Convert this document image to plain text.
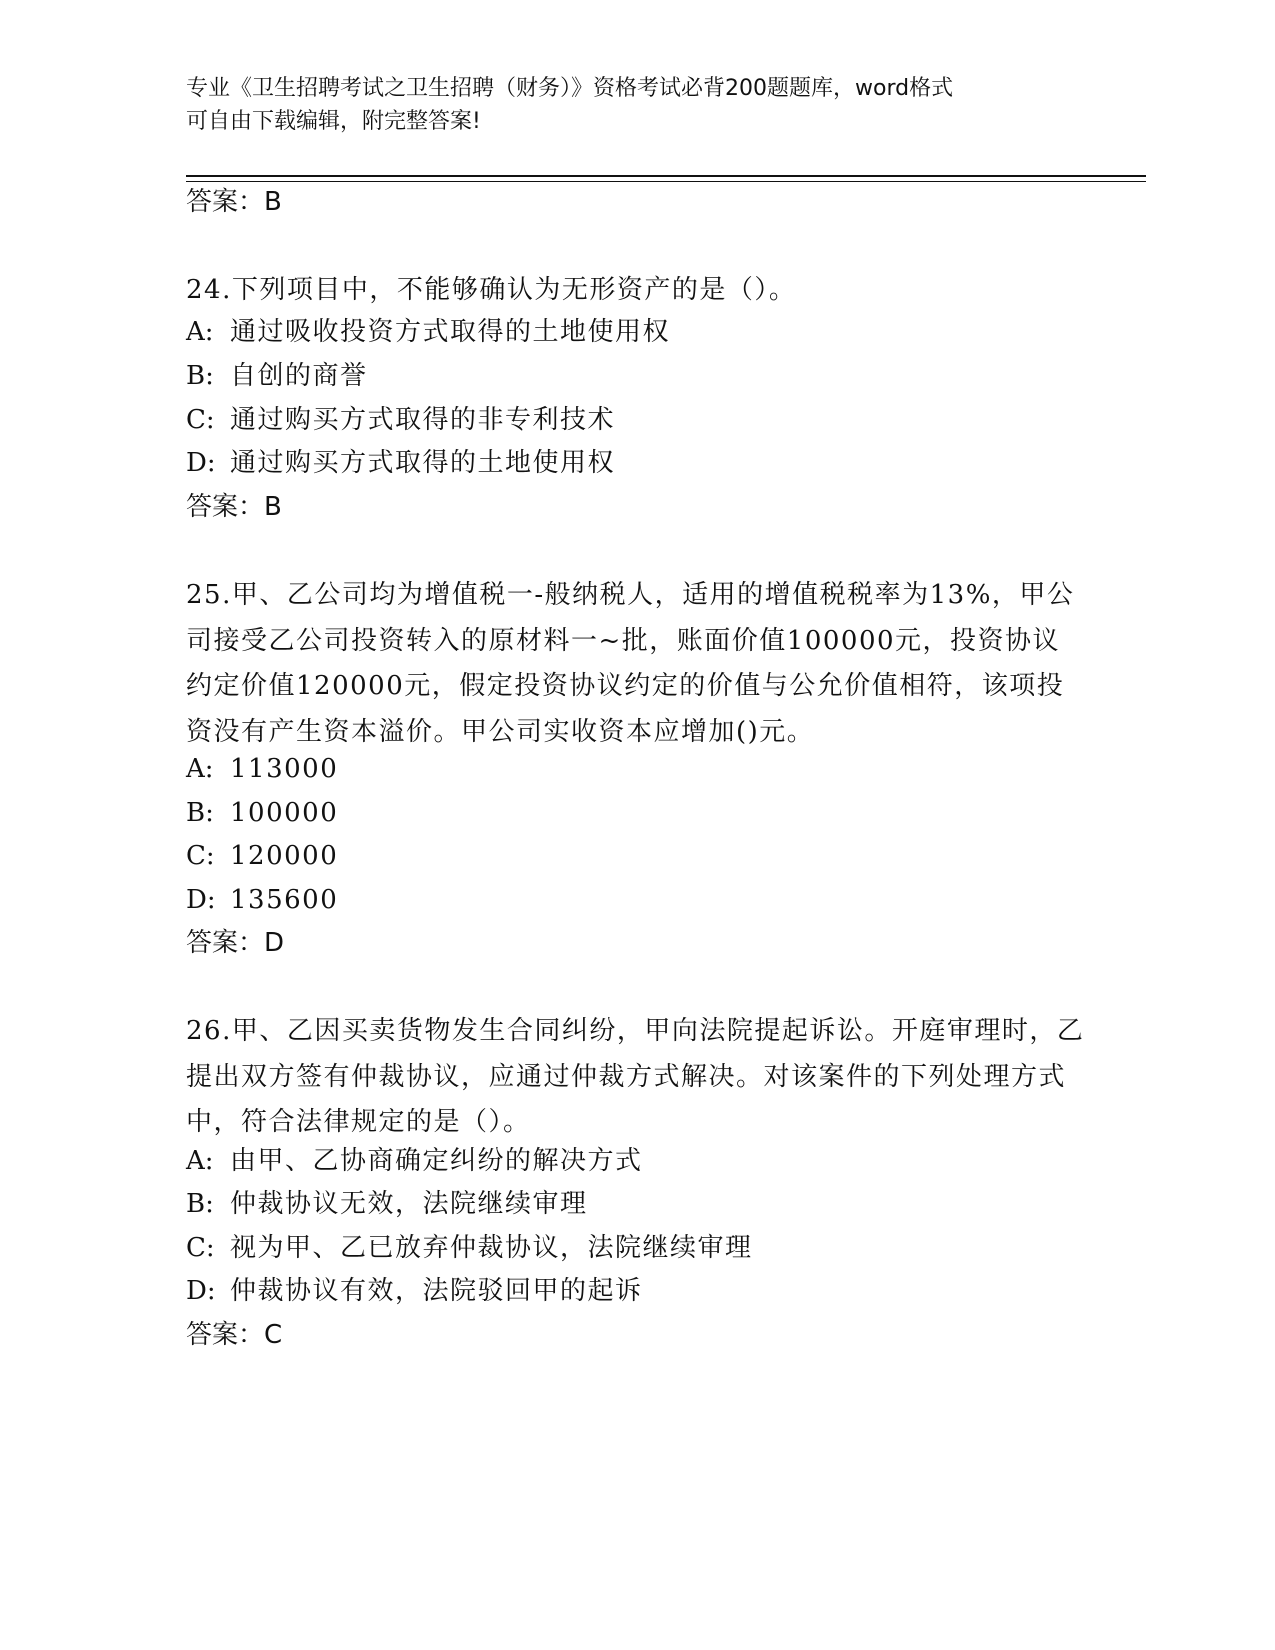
专业《卫生招聘考试之卫生招聘（财务）》资格考试必背200题题库，word格式
可自由下载编辑，附完整答案!
答案：B
24.下列项目中，不能够确认为无形资产的是（）。
A: 通过吸收投资方式取得的土地使用权
B: 自创的商誉
C: 通过购买方式取得的非专利技术
D: 通过购买方式取得的土地使用权
答案：B
25.甲、乙公司均为增值税一-般纳税人，适用的增值税税率为13%，甲公司接受乙公司投资转入的原材料一~批，账面价值100000元，投资协议约定价值120000元，假定投资协议约定的价值与公允价值相符，该项投资没有产生资本溢价。甲公司实收资本应增加()元。
A: 113000
B: 100000
C: 120000
D: 135600
答案：D
26.甲、乙因买卖货物发生合同纠纷，甲向法院提起诉讼。开庭审理时，乙提出双方签有仲裁协议，应通过仲裁方式解决。对该案件的下列处理方式中，符合法律规定的是（）。
A: 由甲、乙协商确定纠纷的解决方式
B: 仲裁协议无效，法院继续审理
C: 视为甲、乙已放弃仲裁协议，法院继续审理
D: 仲裁协议有效，法院驳回甲的起诉
答案：C
